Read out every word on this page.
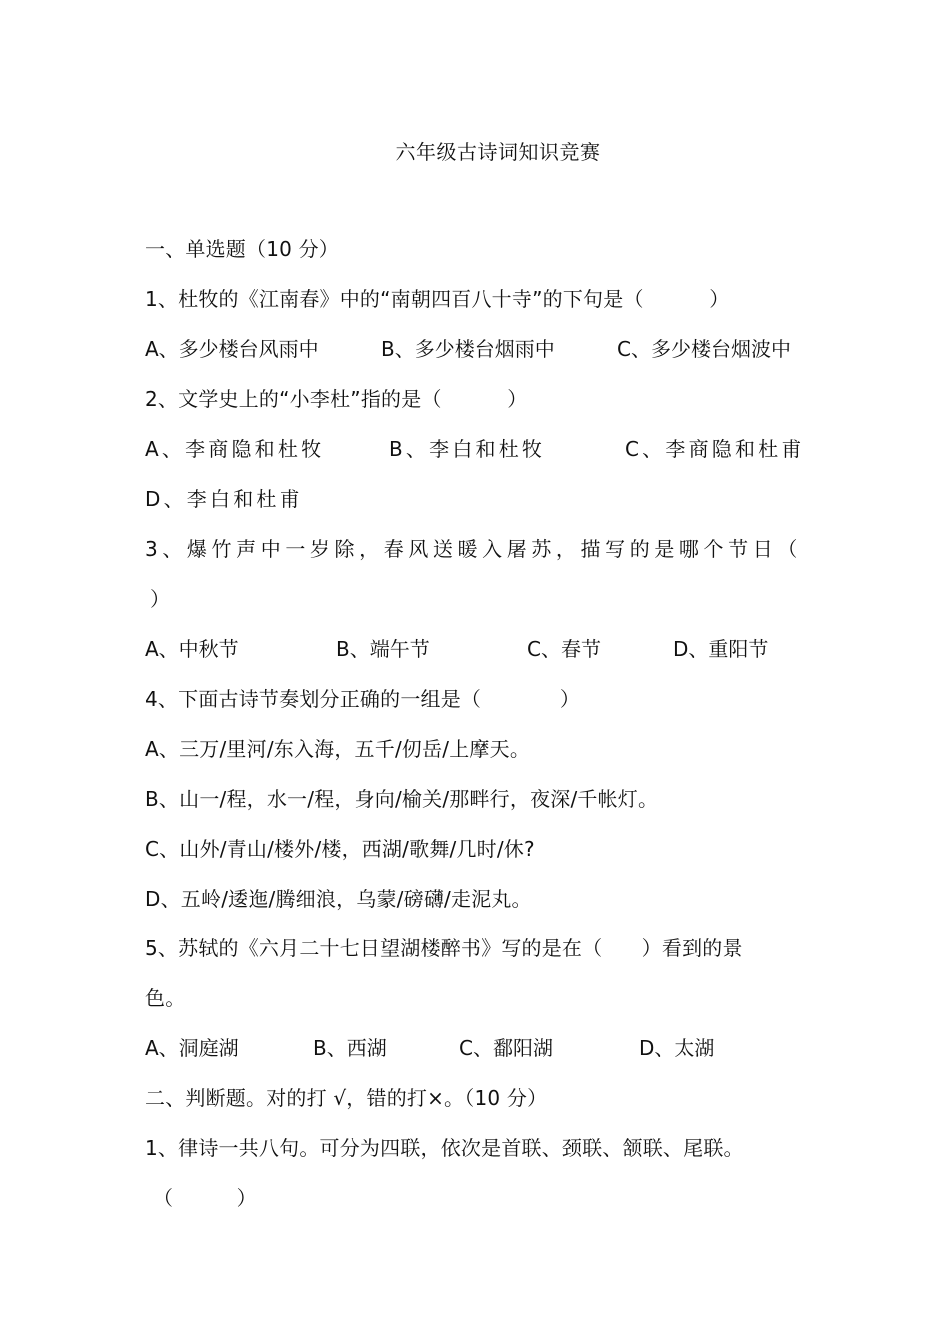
六年级古诗词知识竞赛
一、单选题（10 分）
1、杜牧的《江南春》中的“南朝四百八十寺”的下句是（          ）
A、多少楼台风雨中	B、多少楼台烟雨中	C、多少楼台烟波中
2、文学史上的“小李杜”指的是（          ）
A、李商隐和杜牧	B、李白和杜牧	C、李商隐和杜甫
D、李白和杜甫
3、爆竹声中一岁除，春风送暖入屠苏，描写的是哪个节日（
）
A、中秋节	B、端午节	C、春节	D、重阳节
4、下面古诗节奏划分正确的一组是（            ）
A、三万/里河/东入海，五千/仞岳/上摩天。
B、山一/程，水一/程，身向/榆关/那畔行，夜深/千帐灯。
C、山外/青山/楼外/楼，西湖/歌舞/几时/休?
D、五岭/逶迤/腾细浪，乌蒙/磅礴/走泥丸。
5、苏轼的《六月二十七日望湖楼醉书》写的是在（      ）看到的景
色。
A、洞庭湖	B、西湖	C、鄱阳湖	D、太湖
二、判断题。对的打 √，错的打×。（10 分）
1、律诗一共八句。可分为四联，依次是首联、颈联、颔联、尾联。
（          ）
